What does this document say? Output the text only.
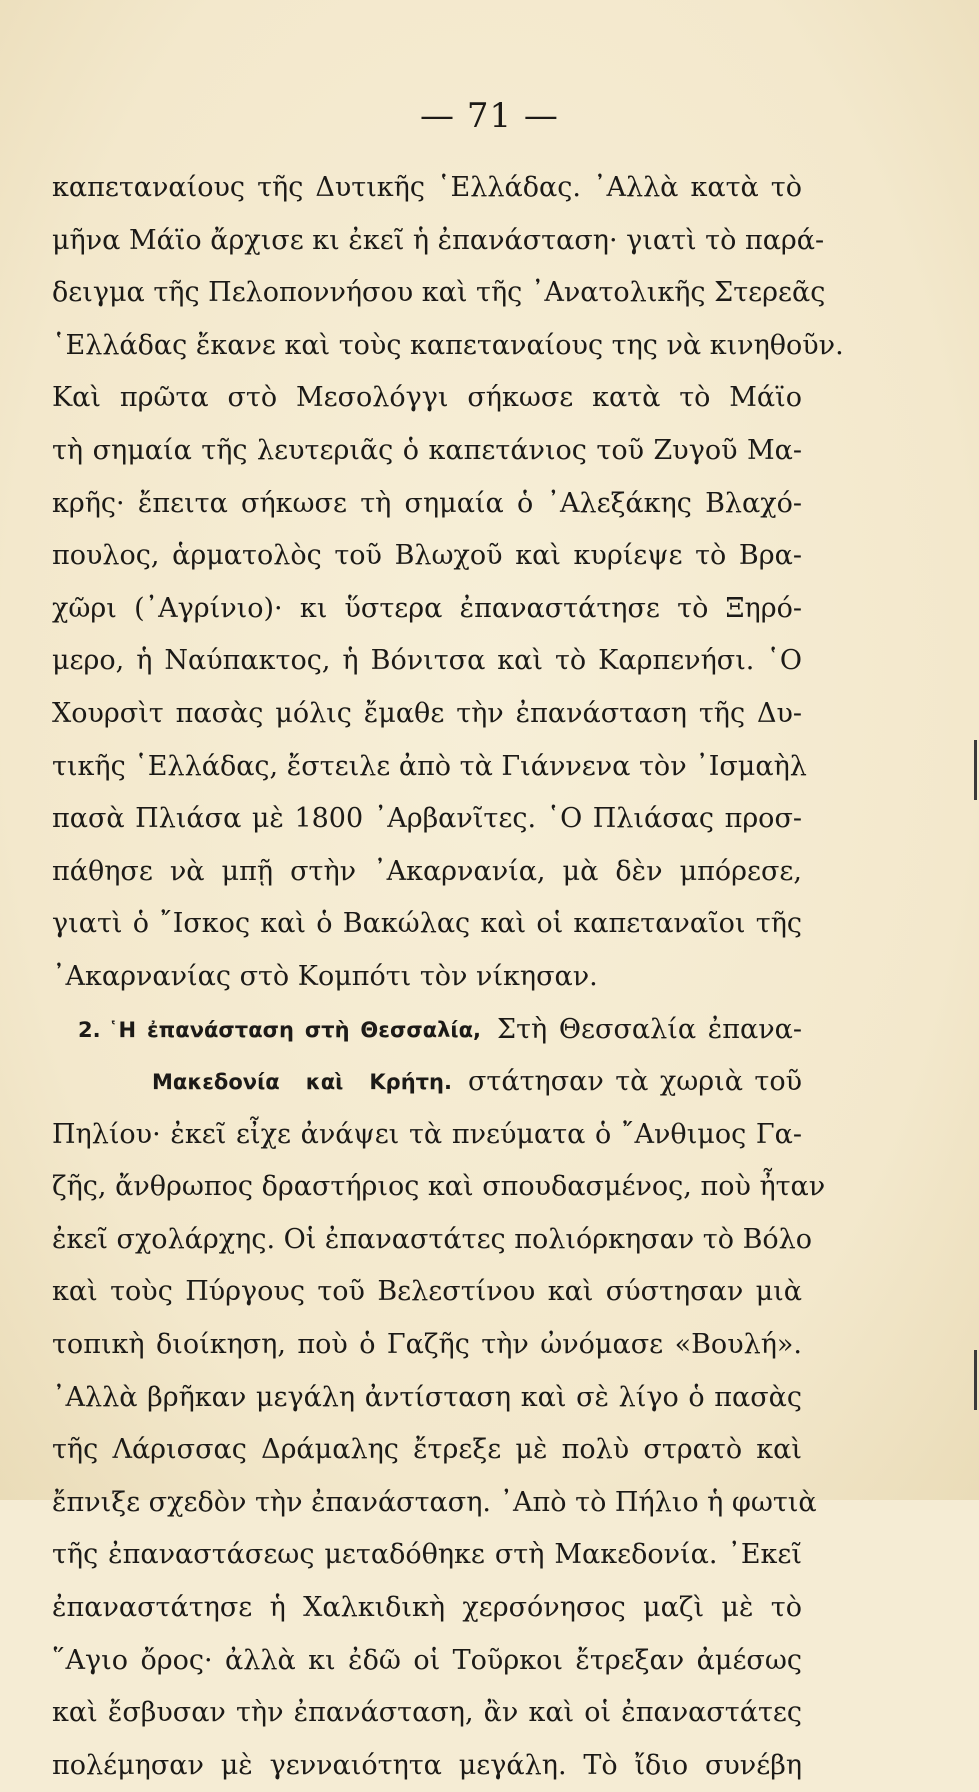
— 71 —
καπεταναίους τῆς Δυτικῆς ῾Ελλάδας. ᾿Αλλὰ κατὰ τὸ
μῆνα Μάϊο ἄρχισε κι ἐκεῖ ἡ ἐπανάσταση· γιατὶ τὸ παρά-
δειγμα τῆς Πελοποννήσου καὶ τῆς ᾿Ανατολικῆς Στερεᾶς
῾Ελλάδας ἔκανε καὶ τοὺς καπεταναίους της νὰ κινηθοῦν.
Καὶ πρῶτα στὸ Μεσολόγγι σήκωσε κατὰ τὸ Μάϊο
τὴ σημαία τῆς λευτεριᾶς ὁ καπετάνιος τοῦ Ζυγοῦ Μα-
κρῆς· ἔπειτα σήκωσε τὴ σημαία ὁ ᾿Αλεξάκης Βλαχό-
πουλος, ἁρματολὸς τοῦ Βλωχοῦ καὶ κυρίεψε τὸ Βρα-
χῶρι (᾿Αγρίνιο)· κι ὕστερα ἐπαναστάτησε τὸ Ξηρό-
μερο, ἡ Ναύπακτος, ἡ Βόνιτσα καὶ τὸ Καρπενήσι. ῾Ο
Χουρσὶτ πασὰς μόλις ἔμαθε τὴν ἐπανάσταση τῆς Δυ-
τικῆς ῾Ελλάδας, ἔστειλε ἀπὸ τὰ Γιάννενα τὸν ᾿Ισμαὴλ
πασὰ Πλιάσα μὲ 1800 ᾿Αρβανῖτες. ῾Ο Πλιάσας προσ-
πάθησε νὰ μπῇ στὴν ᾿Ακαρνανία, μὰ δὲν μπόρεσε,
γιατὶ ὁ ῎Ισκος καὶ ὁ Βακώλας καὶ οἱ καπεταναῖοι τῆς
᾿Ακαρνανίας στὸ Κομπότι τὸν νίκησαν.
2. ῾Η ἐπανάσταση στὴ Θεσσαλία, Στὴ Θεσσαλία ἐπανα-
Μακεδονία καὶ Κρήτη. στάτησαν τὰ χωριὰ τοῦ
Πηλίου· ἐκεῖ εἶχε ἀνάψει τὰ πνεύματα ὁ ῎Ανθιμος Γα-
ζῆς, ἄνθρωπος δραστήριος καὶ σπουδασμένος, ποὺ ἦταν
ἐκεῖ σχολάρχης. Οἱ ἐπαναστάτες πολιόρκησαν τὸ Βόλο
καὶ τοὺς Πύργους τοῦ Βελεστίνου καὶ σύστησαν μιὰ
τοπικὴ διοίκηση, ποὺ ὁ Γαζῆς τὴν ὠνόμασε «Βουλή».
᾿Αλλὰ βρῆκαν μεγάλη ἀντίσταση καὶ σὲ λίγο ὁ πασὰς
τῆς Λάρισσας Δράμαλης ἔτρεξε μὲ πολὺ στρατὸ καὶ
ἔπνιξε σχεδὸν τὴν ἐπανάσταση. ᾿Απὸ τὸ Πήλιο ἡ φωτιὰ
τῆς ἐπαναστάσεως μεταδόθηκε στὴ Μακεδονία. ᾿Εκεῖ
ἐπαναστάτησε ἡ Χαλκιδικὴ χερσόνησος μαζὶ μὲ τὸ
῞Αγιο ὄρος· ἀλλὰ κι ἐδῶ οἱ Τοῦρκοι ἔτρεξαν ἀμέσως
καὶ ἔσβυσαν τὴν ἐπανάσταση, ἂν καὶ οἱ ἐπαναστάτες
πολέμησαν μὲ γενναιότητα μεγάλη. Τὸ ἴδιο συνέβη
